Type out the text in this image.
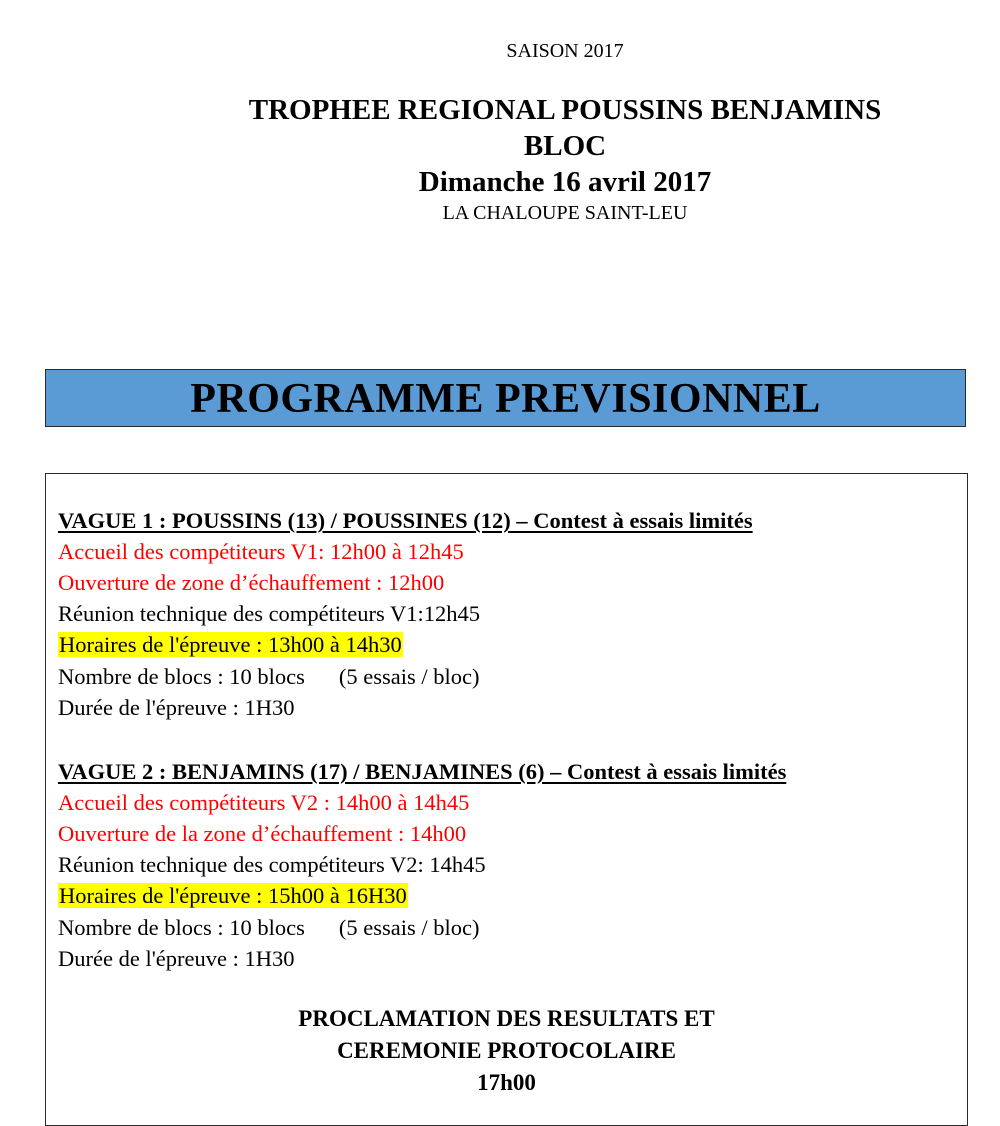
SAISON 2017
TROPHEE REGIONAL POUSSINS BENJAMINS
BLOC
Dimanche 16 avril 2017
LA CHALOUPE SAINT-LEU
PROGRAMME PREVISIONNEL
VAGUE 1 : POUSSINS (13) / POUSSINES (12) – Contest à essais limités
Accueil des compétiteurs V1: 12h00 à 12h45
Ouverture de zone d’échauffement : 12h00
Réunion technique des compétiteurs V1:12h45
Horaires de l'épreuve : 13h00 à 14h30
Nombre de blocs : 10 blocs (5 essais / bloc)
Durée de l'épreuve : 1H30
VAGUE 2 : BENJAMINS (17) / BENJAMINES (6) – Contest à essais limités
Accueil des compétiteurs V2 : 14h00 à 14h45
Ouverture de la zone d’échauffement : 14h00
Réunion technique des compétiteurs V2: 14h45
Horaires de l'épreuve : 15h00 à 16H30
Nombre de blocs : 10 blocs (5 essais / bloc)
Durée de l'épreuve : 1H30
PROCLAMATION DES RESULTATS ET
CEREMONIE PROTOCOLAIRE
17h00
